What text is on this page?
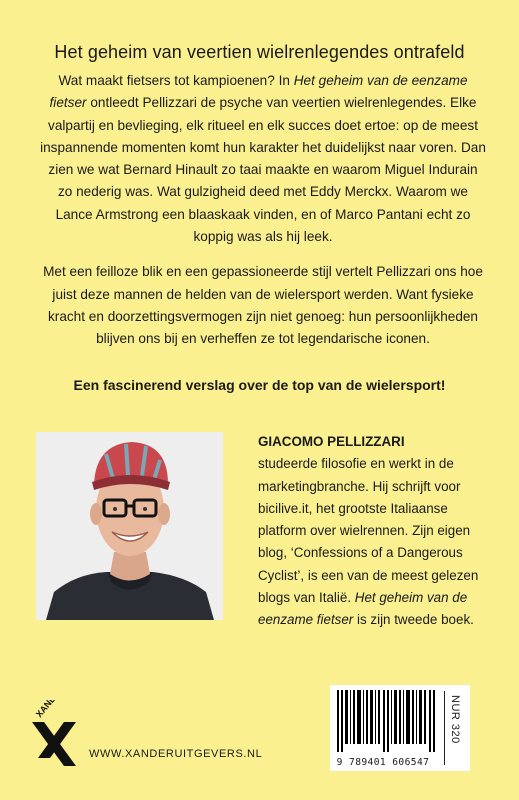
Het geheim van veertien wielrenlegendes ontrafeld

Wat maakt fietsers tot kampioenen? In Het geheim van de eenzame fietser ontleedt Pellizzari de psyche van veertien wielrenlegendes. Elke valpartij en bevlieging, elk ritueel en elk succes doet ertoe: op de meest inspannende momenten komt hun karakter het duidelijkst naar voren. Dan zien we wat Bernard Hinault zo taai maakte en waarom Miguel Indurain zo nederig was. Wat gulzigheid deed met Eddy Merckx. Waarom we Lance Armstrong een blaaskaak vinden, en of Marco Pantani echt zo koppig was als hij leek.

Met een feilloze blik en een gepassioneerde stijl vertelt Pellizzari ons hoe juist deze mannen de helden van de wielersport werden. Want fysieke kracht en doorzettingsvermogen zijn niet genoeg: hun persoonlijkheden blijven ons bij en verheffen ze tot legendarische iconen.

Een fascinerend verslag over de top van de wielersport!
GIACOMO PELLIZZARI

studeerde filosofie en werkt in de marketingbranche. Hij schrijft voor bicilive.it, het grootste Italiaanse platform over wielrennen. Zijn eigen blog, ‘Confessions of a Dangerous Cyclist’, is een van de meest gelezen blogs van Italië. Het geheim van de eenzame fietser is zijn tweede boek.

9 789401 606547
NUR 320
XANDER
WWW.XANDERUITGEVERS.NL
